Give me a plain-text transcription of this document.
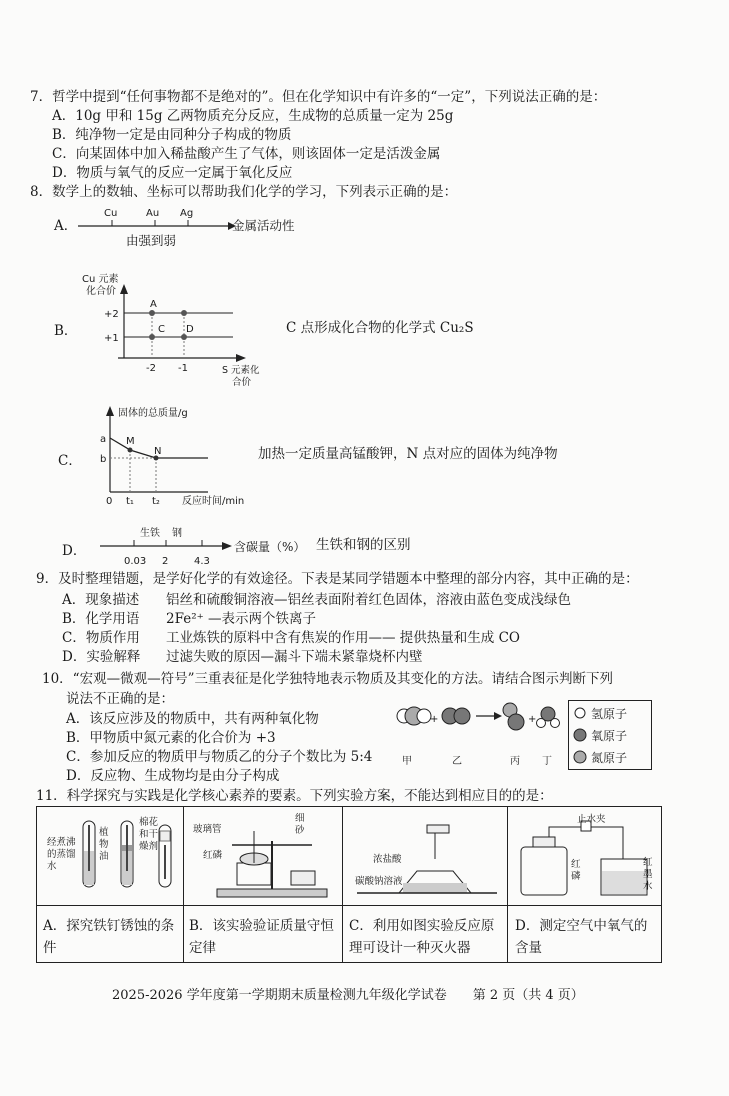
7．哲学中提到“任何事物都不是绝对的”。但在化学知识中有许多的“一定”，下列说法正确的是：
A．10g 甲和 15g 乙两物质充分反应，生成物的总质量一定为 25g
B．纯净物一定是由同种分子构成的物质
C．向某固体中加入稀盐酸产生了气体，则该固体一定是活泼金属
D．物质与氧气的反应一定属于氧化反应
8．数学上的数轴、坐标可以帮助我们化学的学习，下列表示正确的是：
A．
Cu	Au Ag
金属活动性
由强到弱
B．
Cu 元素
化合价
+2
+1
-2 -1
A
C D
S 元素化
合价
C 点形成化合物的化学式 Cu₂S
C．
固体的总质量/g
a
b
M
N
0 t₁ t₂ 反应时间/min
加热一定质量高锰酸钾，N 点对应的固体为纯净物
D．
生铁 钢
0.03 2	4.3
含碳量（%） 生铁和钢的区别
9．及时整理错题，是学好化学的有效途径。下表是某同学错题本中整理的部分内容，其中正确的是：
A．现象描述 铝丝和硫酸铜溶液—铝丝表面附着红色固体，溶液由蓝色变成浅绿色
B．化学用语 2Fe²⁺ —表示两个铁离子
C．物质作用 工业炼铁的原料中含有焦炭的作用—— 提供热量和生成 CO
D．实验解释 过滤失败的原因—漏斗下端未紧靠烧杯内壁
10．“宏观—微观—符号”三重表征是化学独特地表示物质及其变化的方法。请结合图示判断下列
说法不正确的是：
A．该反应涉及的物质中，共有两种氧化物
B．甲物质中氮元素的化合价为 +3
C．参加反应的物质甲与物质乙的分子个数比为 5:4
D．反应物、生成物均是由分子构成
+	+
甲	乙	丙 丁
氢原子
氧原子
氮原子
11．科学探究与实践是化学核心素养的要素。下列实验方案，不能达到相应目的的是：
经煮沸的蒸馏水
植物油
棉花和干燥剂
玻璃管
红磷
细砂
浓盐酸
碳酸钠溶液
止水夹
红磷
红墨水
A．探究铁钉锈蚀的条件
B．该实验验证质量守恒定律
C．利用如图实验反应原理可设计一种灭火器
D．测定空气中氧气的含量
2025-2026 学年度第一学期期末质量检测九年级化学试卷　　第 2 页（共 4 页）
